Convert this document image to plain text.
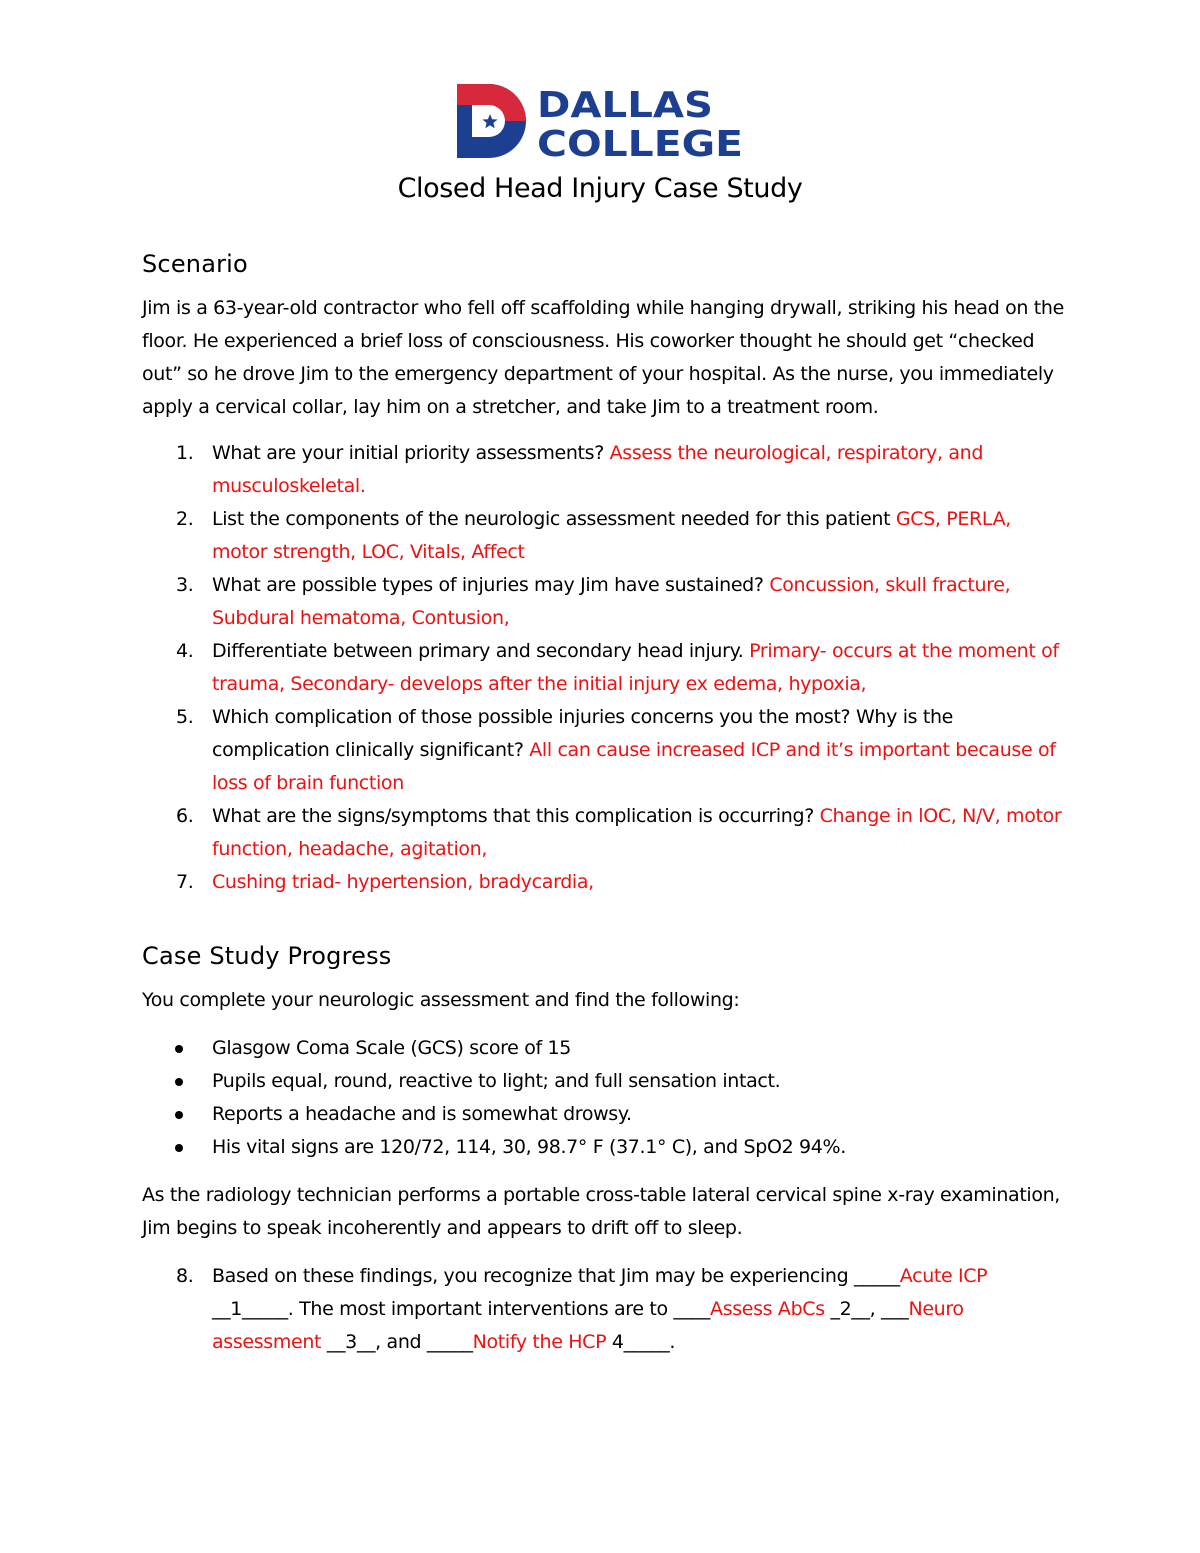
DALLAS
COLLEGE
Closed Head Injury Case Study
Scenario

Jim is a 63-year-old contractor who fell off scaffolding while hanging drywall, striking his head on the floor. He experienced a brief loss of consciousness. His coworker thought he should get “checked out” so he drove Jim to the emergency department of your hospital. As the nurse, you immediately apply a cervical collar, lay him on a stretcher, and take Jim to a treatment room.

1. What are your initial priority assessments? Assess the neurological, respiratory, and musculoskeletal.
2. List the components of the neurologic assessment needed for this patient GCS, PERLA, motor strength, LOC, Vitals, Affect
3. What are possible types of injuries may Jim have sustained? Concussion, skull fracture, Subdural hematoma, Contusion,
4. Differentiate between primary and secondary head injury. Primary- occurs at the moment of trauma, Secondary- develops after the initial injury ex edema, hypoxia,
5. Which complication of those possible injuries concerns you the most? Why is the complication clinically significant? All can cause increased ICP and it’s important because of loss of brain function
6. What are the signs/symptoms that this complication is occurring? Change in lOC, N/V, motor function, headache, agitation,
7. Cushing triad- hypertension, bradycardia,
Case Study Progress

You complete your neurologic assessment and find the following:

Glasgow Coma Scale (GCS) score of 15
Pupils equal, round, reactive to light; and full sensation intact.
Reports a headache and is somewhat drowsy.
His vital signs are 120/72, 114, 30, 98.7° F (37.1° C), and SpO2 94%.

As the radiology technician performs a portable cross-table lateral cervical spine x-ray examination, Jim begins to speak incoherently and appears to drift off to sleep.

8. Based on these findings, you recognize that Jim may be experiencing _____Acute ICP __1_____. The most important interventions are to ____Assess AbCs _2__, ___Neuro assessment __3__, and _____Notify the HCP 4_____.
